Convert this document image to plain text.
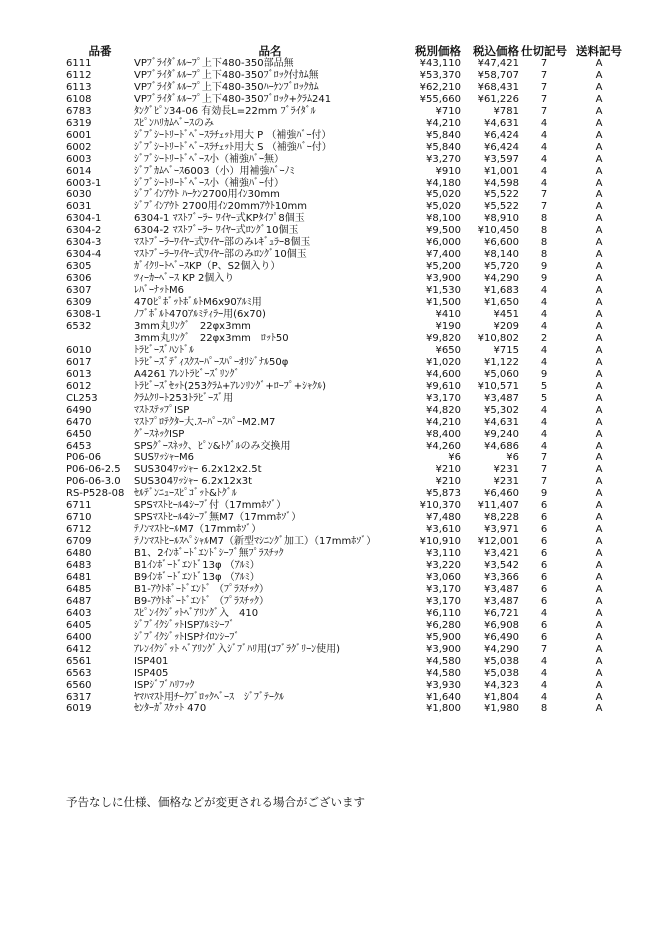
品番	品名	税別価格	税込価格	仕切記号	送料記号
6111	VPﾌﾞﾗｲﾀﾞﾙﾙｰﾌﾟ上下480-350部品無	¥43,110	¥47,421	7	A
6112	VPﾌﾞﾗｲﾀﾞﾙﾙｰﾌﾟ上下480-350ﾌﾞﾛｯｸ付ｶﾑ無	¥53,370	¥58,707	7	A
6113	VPﾌﾞﾗｲﾀﾞﾙﾙｰﾌﾟ上下480-350ﾊｰｹﾝﾌﾞﾛｯｸｶﾑ	¥62,210	¥68,431	7	A
6108	VPﾌﾞﾗｲﾀﾞﾙﾙｰﾌﾟ上下480-350ﾌﾞﾛｯｸ+ｸﾗﾑ241	¥55,660	¥61,226	7	A
6783	ﾀﾝｸﾞﾋﾟﾝ34-06 有効長L=22mm ﾌﾞﾗｲﾀﾞﾙ	¥710	¥781	7	A
6319	ｽﾋﾟﾝﾊﾘｶﾑﾍﾞｰｽのみ	¥4,210	¥4,631	4	A
6001	ｼﾞﾌﾞｼｰﾄﾘｰﾄﾞﾍﾞｰｽﾗﾁｪｯﾄ用大 P （補強ﾊﾞｰ付）	¥5,840	¥6,424	4	A
6002	ｼﾞﾌﾞｼｰﾄﾘｰﾄﾞﾍﾞｰｽﾗﾁｪｯﾄ用大 S （補強ﾊﾞｰ付）	¥5,840	¥6,424	4	A
6003	ｼﾞﾌﾞｼｰﾄﾘｰﾄﾞﾍﾞｰｽ小（補強ﾊﾞｰ無）	¥3,270	¥3,597	4	A
6014	ｼﾞﾌﾞｶﾑﾍﾞｰｽ6003（小）用補強ﾊﾞｰﾉﾐ	¥910	¥1,001	4	A
6003-1	ｼﾞﾌﾞｼｰﾄﾘｰﾄﾞﾍﾞｰｽ小（補強ﾊﾞｰ付）	¥4,180	¥4,598	4	A
6030	ｼﾞﾌﾞｲﾝｱｳﾄ ﾊｰｹﾝ2700用ｲﾝ30mm	¥5,020	¥5,522	7	A
6031	ｼﾞﾌﾞｲﾝｱｳﾄ 2700用ｲﾝ20mmｱｳﾄ10mm	¥5,020	¥5,522	7	A
6304-1	6304-1 ﾏｽﾄﾌﾞｰﾗｰ ﾜｲﾔｰ式KPﾀｲﾌﾟ8個玉	¥8,100	¥8,910	8	A
6304-2	6304-2 ﾏｽﾄﾌﾞｰﾗｰ ﾜｲﾔｰ式ﾛﾝｸﾞ10個玉	¥9,500	¥10,450	8	A
6304-3	ﾏｽﾄﾌﾞｰﾗｰﾜｲﾔｰ式ﾜｲﾔｰ部のみﾚｷﾞｭﾗｰ8個玉	¥6,000	¥6,600	8	A
6304-4	ﾏｽﾄﾌﾞｰﾗｰﾜｲﾔｰ式ﾜｲﾔｰ部のみﾛﾝｸﾞ10個玉	¥7,400	¥8,140	8	A
6305	ｶﾞｲｸﾘｰﾄﾍﾞｰｽKP（P、S2個入り）	¥5,200	¥5,720	9	A
6306	ﾂｨｰｶｰﾍﾞｰｽ KP 2個入り	¥3,900	¥4,290	9	A
6307	ﾚﾊﾞｰﾅｯﾄM6	¥1,530	¥1,683	4	A
6309	470ﾋﾟﾎﾞｯﾄﾎﾞﾙﾄM6x90ｱﾙﾐ用	¥1,500	¥1,650	4	A
6308-1	ﾉﾌﾞﾎﾞﾙﾄ470ｱﾙﾐﾃｨﾗｰ用(6x70)	¥410	¥451	4	A
6532	3mm丸ﾘﾝｸﾞ　22φx3mm	¥190	¥209	4	A
	3mm丸ﾘﾝｸﾞ　22φx3mm　ﾛｯﾄ50	¥9,820	¥10,802	2	A
6010	ﾄﾗﾋﾞｰｽﾞﾊﾝﾄﾞﾙ	¥650	¥715	4	A
6017	ﾄﾗﾋﾞｰｽﾞﾃﾞｨｽｸｽｰﾊﾟｰｽﾊﾟｰｵﾘｼﾞﾅﾙ50φ	¥1,020	¥1,122	4	A
6013	A4261 ｱﾚﾝﾄﾗﾋﾞｰｽﾞﾘﾝｸﾞ	¥4,600	¥5,060	9	A
6012	ﾄﾗﾋﾞｰｽﾞｾｯﾄ(253ｸﾗﾑ+ｱﾚﾝﾘﾝｸﾞ+ﾛｰﾌﾟ+ｼｬｸﾙ)	¥9,610	¥10,571	5	A
CL253	ｸﾗﾑｸﾘｰﾄ253ﾄﾗﾋﾞｰｽﾞ用	¥3,170	¥3,487	5	A
6490	ﾏｽﾄｽﾃｯﾌﾟISP	¥4,820	¥5,302	4	A
6470	ﾏｽﾄﾌﾟﾛﾃｸﾀｰ大.ｽｰﾊﾟｰｽﾊﾟｰM2.M7	¥4,210	¥4,631	4	A
6450	ｸﾞｰｽﾈｯｸISP	¥8,400	¥9,240	4	A
6453	SPSｸﾞｰｽﾈｯｸ、ﾋﾟﾝ&ﾄｸﾞﾙのみ交換用	¥4,260	¥4,686	4	A
P06-06	SUSﾜｯｼｬｰM6	¥6	¥6	7	A
P06-06-2.5	SUS304ﾜｯｼｬｰ 6.2x12x2.5t	¥210	¥231	7	A
P06-06-3.0	SUS304ﾜｯｼｬｰ 6.2x12x3t	¥210	¥231	7	A
RS-P528-08	ｾﾙﾃﾞﾝﾆｭｰｽﾋﾟｺﾞｯﾄ&ﾄｸﾞﾙ	¥5,873	¥6,460	9	A
6711	SPSﾏｽﾄﾋｰﾙ4ｼｰﾌﾞ付（17mmﾎｿﾞ）	¥10,370	¥11,407	6	A
6710	SPSﾏｽﾄﾋｰﾙ4ｼｰﾌﾞ無M7（17mmﾎｿﾞ）	¥7,480	¥8,228	6	A
6712	ﾃﾉﾝﾏｽﾄﾋｰﾙM7（17mmﾎｿﾞ）	¥3,610	¥3,971	6	A
6709	ﾃﾉﾝﾏｽﾄﾋｰﾙｽﾍﾟｼｬﾙM7（新型ﾏｼﾆﾝｸﾞ加工）（17mmﾎｿﾞ）	¥10,910	¥12,001	6	A
6480	B1、2ｲﾝﾎﾞｰﾄﾞｴﾝﾄﾞｼｰﾌﾞ無ﾌﾟﾗｽﾁｯｸ	¥3,110	¥3,421	6	A
6483	B1ｲﾝﾎﾞｰﾄﾞｴﾝﾄﾞ13φ （ｱﾙﾐ）	¥3,220	¥3,542	6	A
6481	B9ｲﾝﾎﾞｰﾄﾞｴﾝﾄﾞ13φ （ｱﾙﾐ）	¥3,060	¥3,366	6	A
6485	B1-ｱｳﾄﾎﾞｰﾄﾞｴﾝﾄﾞ （ﾌﾟﾗｽﾁｯｸ）	¥3,170	¥3,487	6	A
6487	B9-ｱｳﾄﾎﾞｰﾄﾞｴﾝﾄﾞ （ﾌﾟﾗｽﾁｯｸ）	¥3,170	¥3,487	6	A
6403	ｽﾋﾟﾝｲｸｼﾞｯﾄﾍﾞｱﾘﾝｸﾞ入　410	¥6,110	¥6,721	4	A
6405	ｼﾞﾌﾞｲｸｼﾞｯﾄISPｱﾙﾐｼｰﾌﾞ	¥6,280	¥6,908	6	A
6400	ｼﾞﾌﾞｲｸｼﾞｯﾄISPﾅｲﾛﾝｼｰﾌﾞ	¥5,900	¥6,490	6	A
6412	ｱﾚﾝｲｸｼﾞｯﾄ ﾍﾞｱﾘﾝｸﾞ入ｼﾞﾌﾞﾊﾘ用(ｺﾌﾞﾗｸﾞﾘｰﾝ使用)	¥3,900	¥4,290	7	A
6561	ISP401	¥4,580	¥5,038	4	A
6563	ISP405	¥4,580	¥5,038	4	A
6560	ISPｼﾞﾌﾞﾊﾘﾌｯｸ	¥3,930	¥4,323	4	A
6317	ﾔﾏﾊﾏｽﾄ用ﾁｰｸﾌﾞﾛｯｸﾍﾞｰｽ　ｼﾞﾌﾞﾃｰｸﾙ	¥1,640	¥1,804	4	A
6019	ｾﾝﾀｰｶﾞｽｹｯﾄ 470	¥1,800	¥1,980	8	A
予告なしに仕様、価格などが変更される場合がございます
